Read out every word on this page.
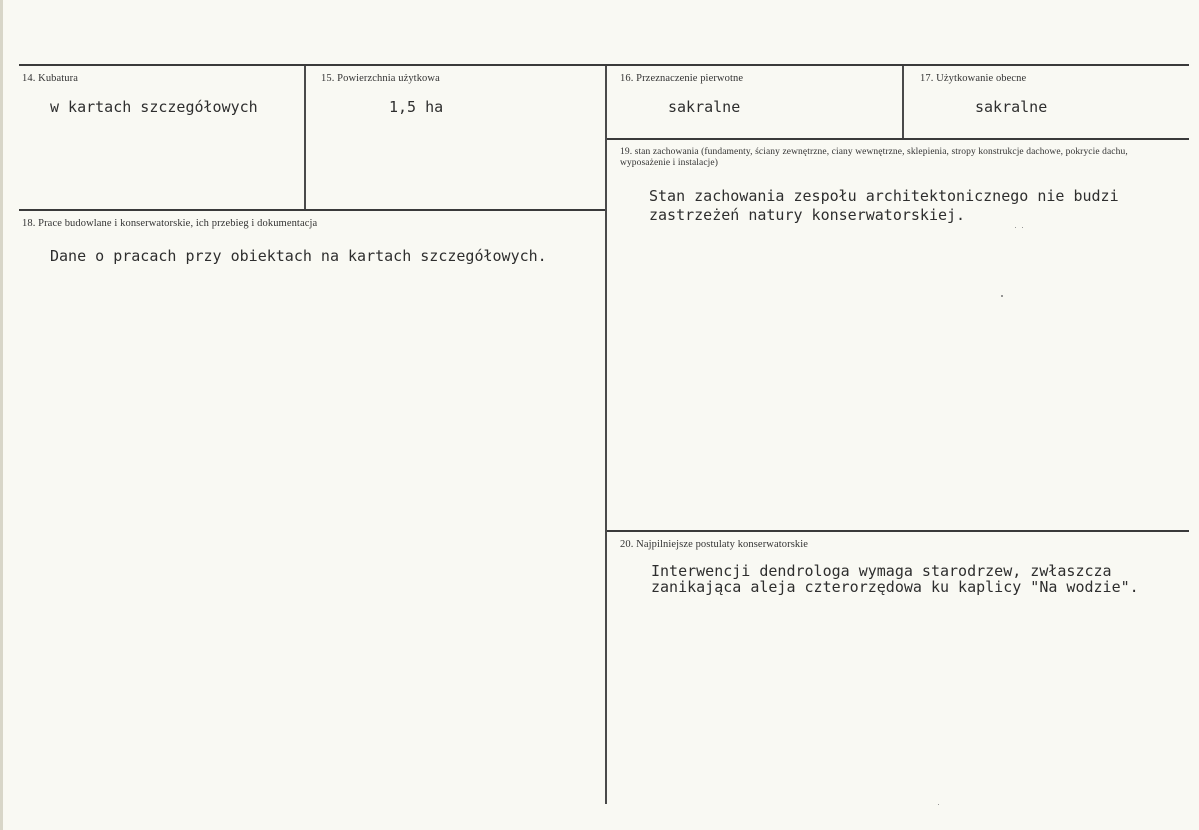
14. Kubatura
w kartach szczegółowych
15. Powierzchnia użytkowa
1,5 ha
16. Przeznaczenie pierwotne
sakralne
17. Użytkowanie obecne
sakralne
18. Prace budowlane i konserwatorskie, ich przebieg i dokumentacja
Dane o pracach przy obiektach na kartach szczegółowych.
19. stan zachowania (fundamenty, ściany zewnętrzne, ciany wewnętrzne, sklepienia, stropy konstrukcje dachowe, pokrycie dachu, wyposażenie i instalacje)
Stan zachowania zespołu architektonicznego nie budzi
zastrzeżeń natury konserwatorskiej.
20. Najpilniejsze postulaty konserwatorskie
Interwencji dendrologa wymaga starodrzew, zwłaszcza
zanikająca aleja czterorzędowa ku kaplicy "Na wodzie".
